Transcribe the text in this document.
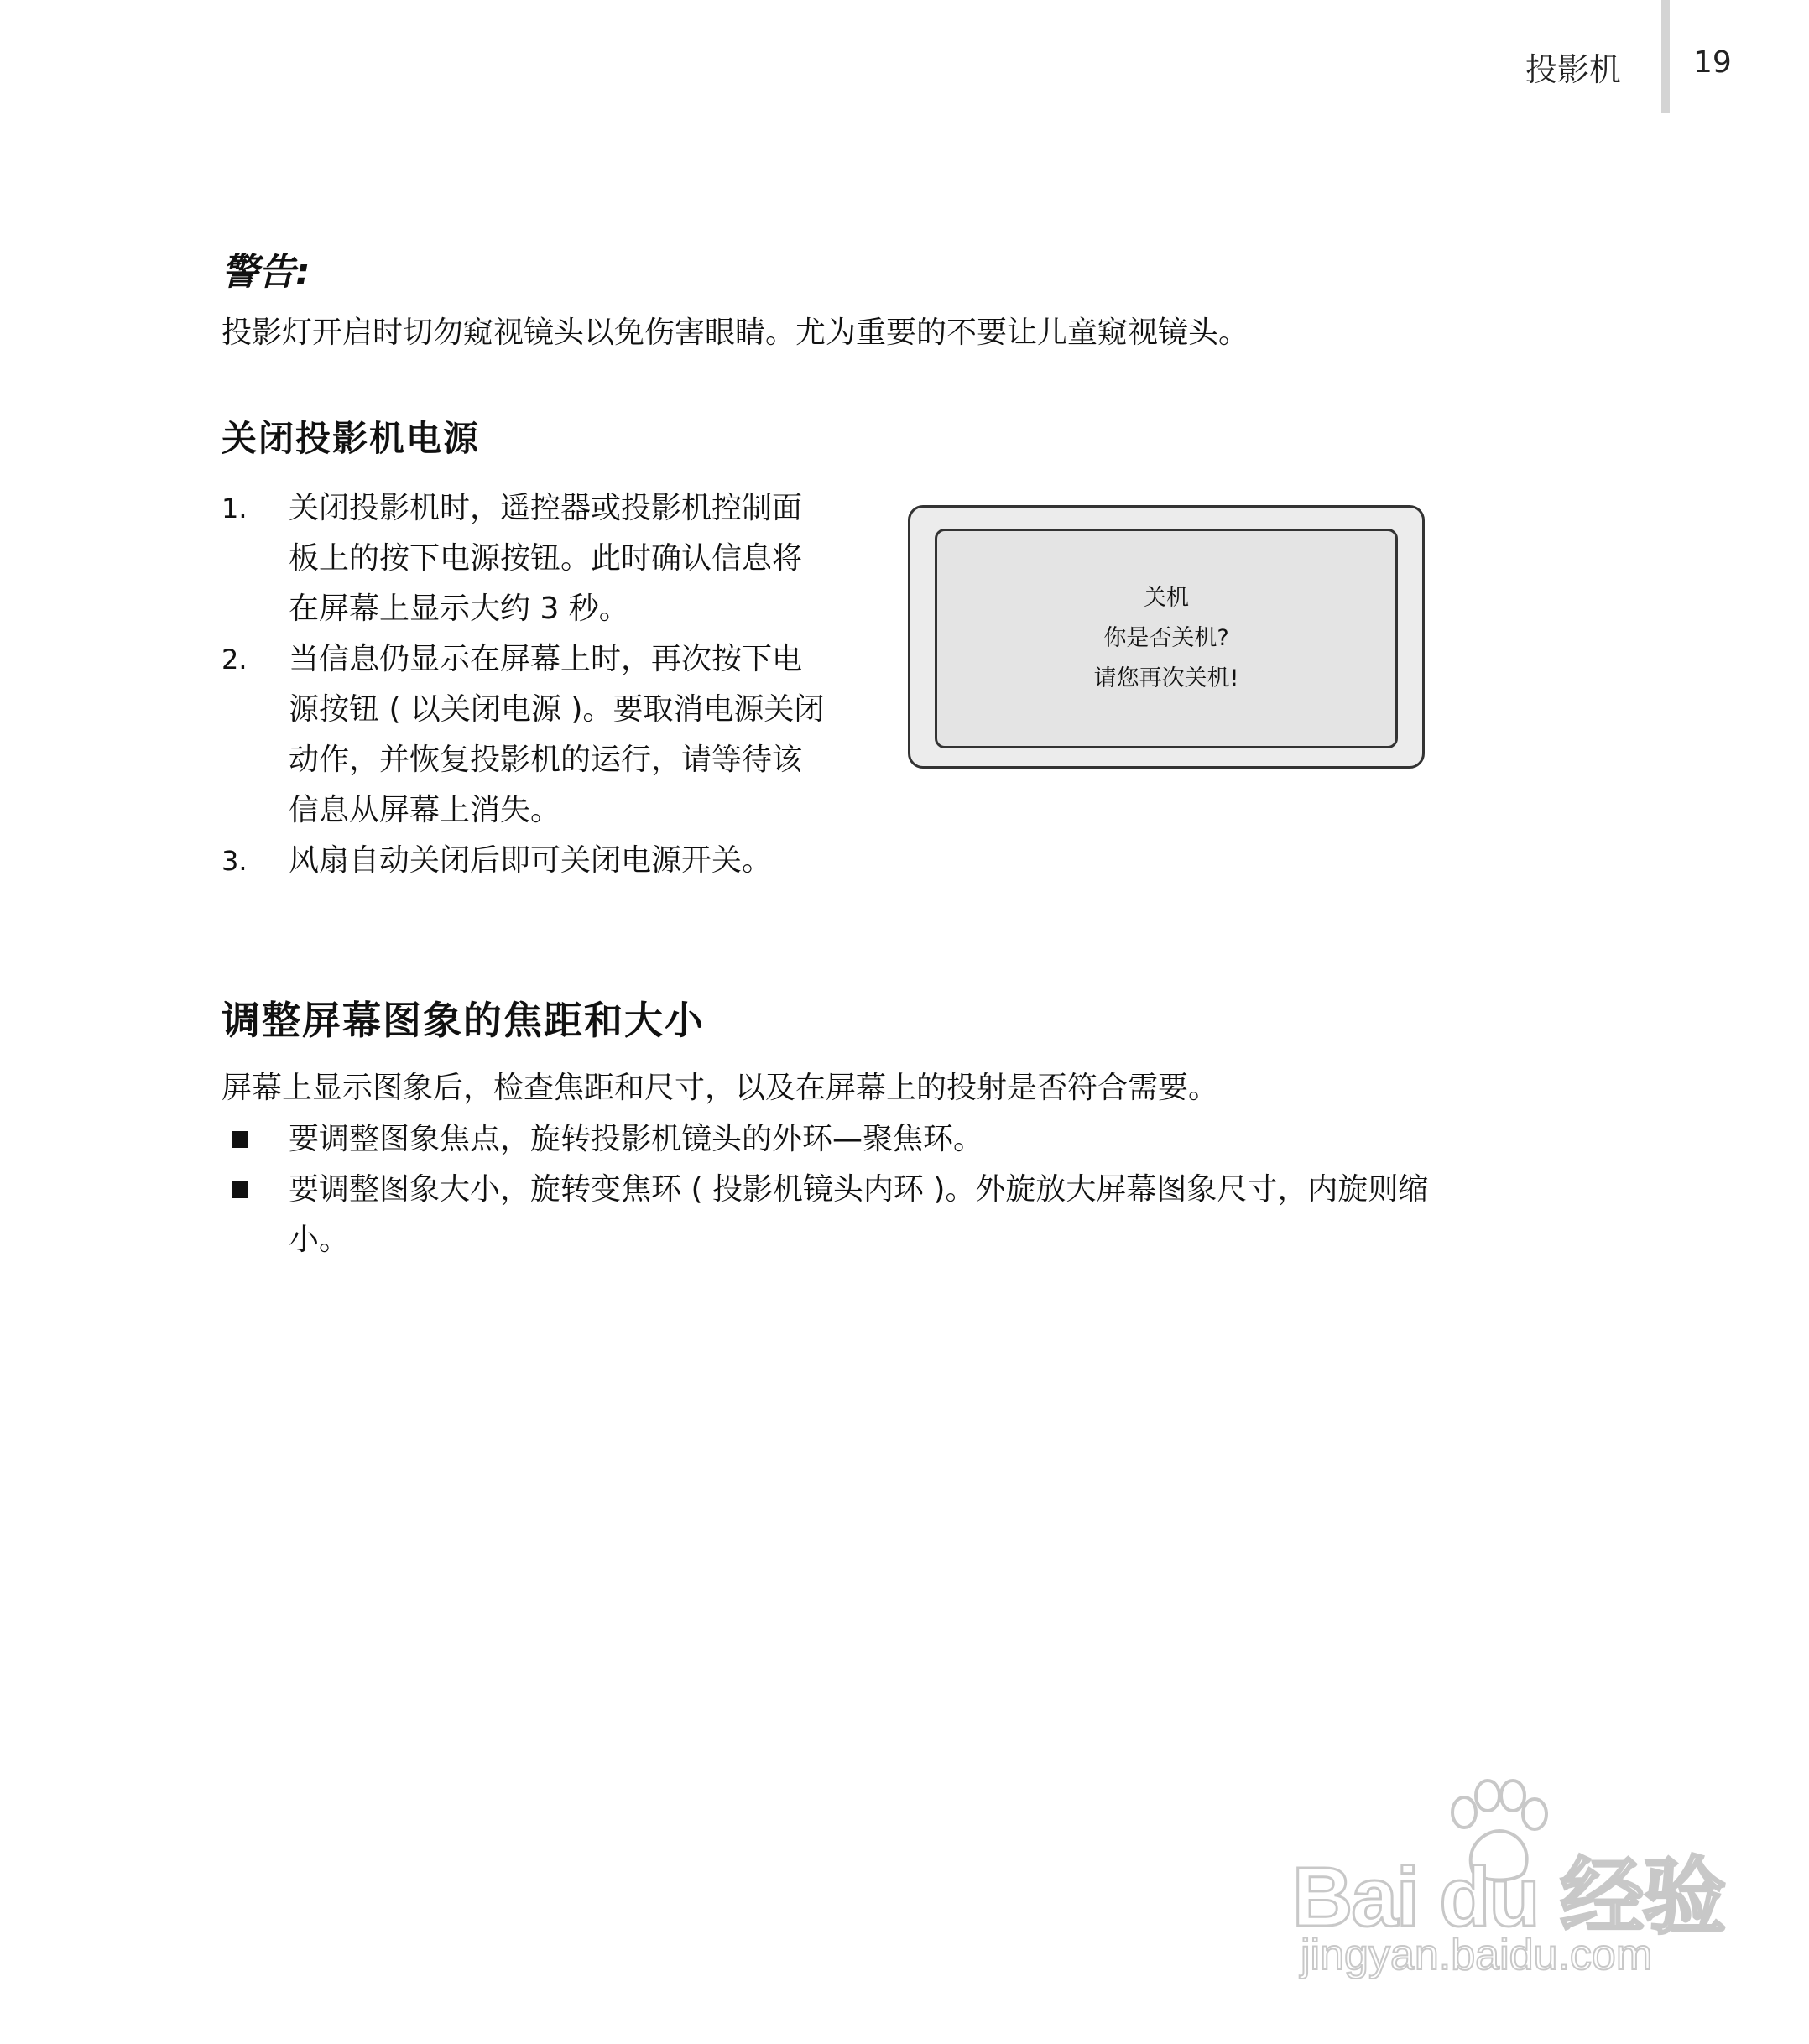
投影机 19
警告:
投影灯开启时切勿窥视镜头以免伤害眼睛。尤为重要的不要让儿童窥视镜头。
关闭投影机电源
1. 关闭投影机时，遥控器或投影机控制面板上的按下电源按钮。此时确认信息将在屏幕上显示大约 3 秒。
2. 当信息仍显示在屏幕上时，再次按下电源按钮 ( 以关闭电源 )。要取消电源关闭动作，并恢复投影机的运行，请等待该信息从屏幕上消失。
3. 风扇自动关闭后即可关闭电源开关。
关机
你是否关机?
请您再次关机!
调整屏幕图象的焦距和大小
屏幕上显示图象后，检查焦距和尺寸，以及在屏幕上的投射是否符合需要。
要调整图象焦点，旋转投影机镜头的外环—聚焦环。
要调整图象大小，旋转变焦环 ( 投影机镜头内环 )。外旋放大屏幕图象尺寸，内旋则缩小。
Bai du 经验
jingyan.baidu.com
